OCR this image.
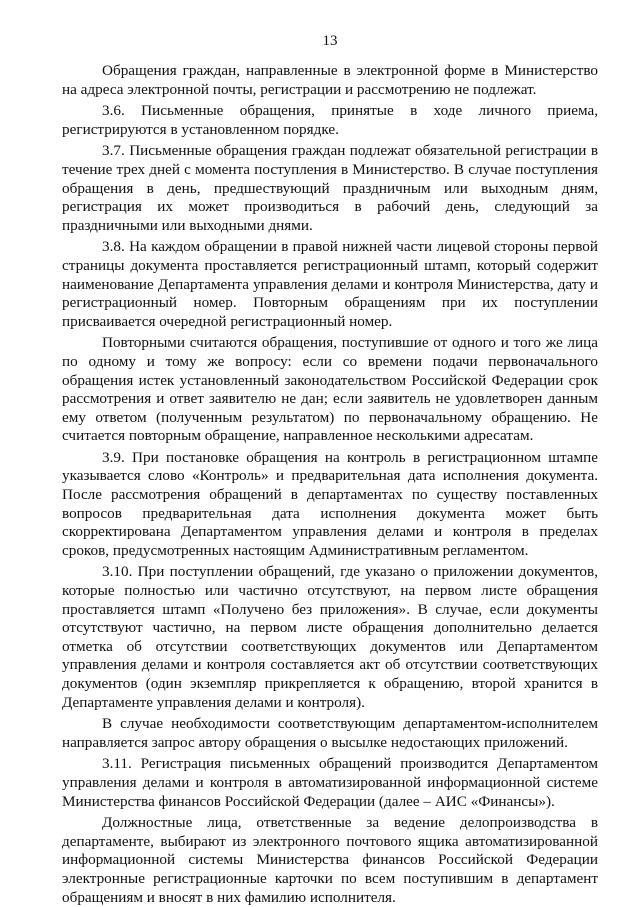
13

Обращения граждан, направленные в электронной форме в Министерство на адреса электронной почты, регистрации и рассмотрению не подлежат.

3.6. Письменные обращения, принятые в ходе личного приема, регистрируются в установленном порядке.

3.7. Письменные обращения граждан подлежат обязательной регистрации в течение трех дней с момента поступления в Министерство. В случае поступления обращения в день, предшествующий праздничным или выходным дням, регистрация их может производиться в рабочий день, следующий за праздничными или выходными днями.

3.8. На каждом обращении в правой нижней части лицевой стороны первой страницы документа проставляется регистрационный штамп, который содержит наименование Департамента управления делами и контроля Министерства, дату и регистрационный номер. Повторным обращениям при их поступлении присваивается очередной регистрационный номер.

Повторными считаются обращения, поступившие от одного и того же лица по одному и тому же вопросу: если со времени подачи первоначального обращения истек установленный законодательством Российской Федерации срок рассмотрения и ответ заявителю не дан; если заявитель не удовлетворен данным ему ответом (полученным результатом) по первоначальному обращению. Не считается повторным обращение, направленное несколькими адресатам.

3.9. При постановке обращения на контроль в регистрационном штампе указывается слово «Контроль» и предварительная дата исполнения документа. После рассмотрения обращений в департаментах по существу поставленных вопросов предварительная дата исполнения документа может быть скорректирована Департаментом управления делами и контроля в пределах сроков, предусмотренных настоящим Административным регламентом.

3.10. При поступлении обращений, где указано о приложении документов, которые полностью или частично отсутствуют, на первом листе обращения проставляется штамп «Получено без приложения». В случае, если документы отсутствуют частично, на первом листе обращения дополнительно делается отметка об отсутствии соответствующих документов или Департаментом управления делами и контроля составляется акт об отсутствии соответствующих документов (один экземпляр прикрепляется к обращению, второй хранится в Департаменте управления делами и контроля).

В случае необходимости соответствующим департаментом-исполнителем направляется запрос автору обращения о высылке недостающих приложений.

3.11. Регистрация письменных обращений производится Департаментом управления делами и контроля в автоматизированной информационной системе Министерства финансов Российской Федерации (далее – АИС «Финансы»).

Должностные лица, ответственные за ведение делопроизводства в департаменте, выбирают из электронного почтового ящика автоматизированной информационной системы Министерства финансов Российской Федерации электронные регистрационные карточки по всем поступившим в департамент обращениям и вносят в них фамилию исполнителя.
